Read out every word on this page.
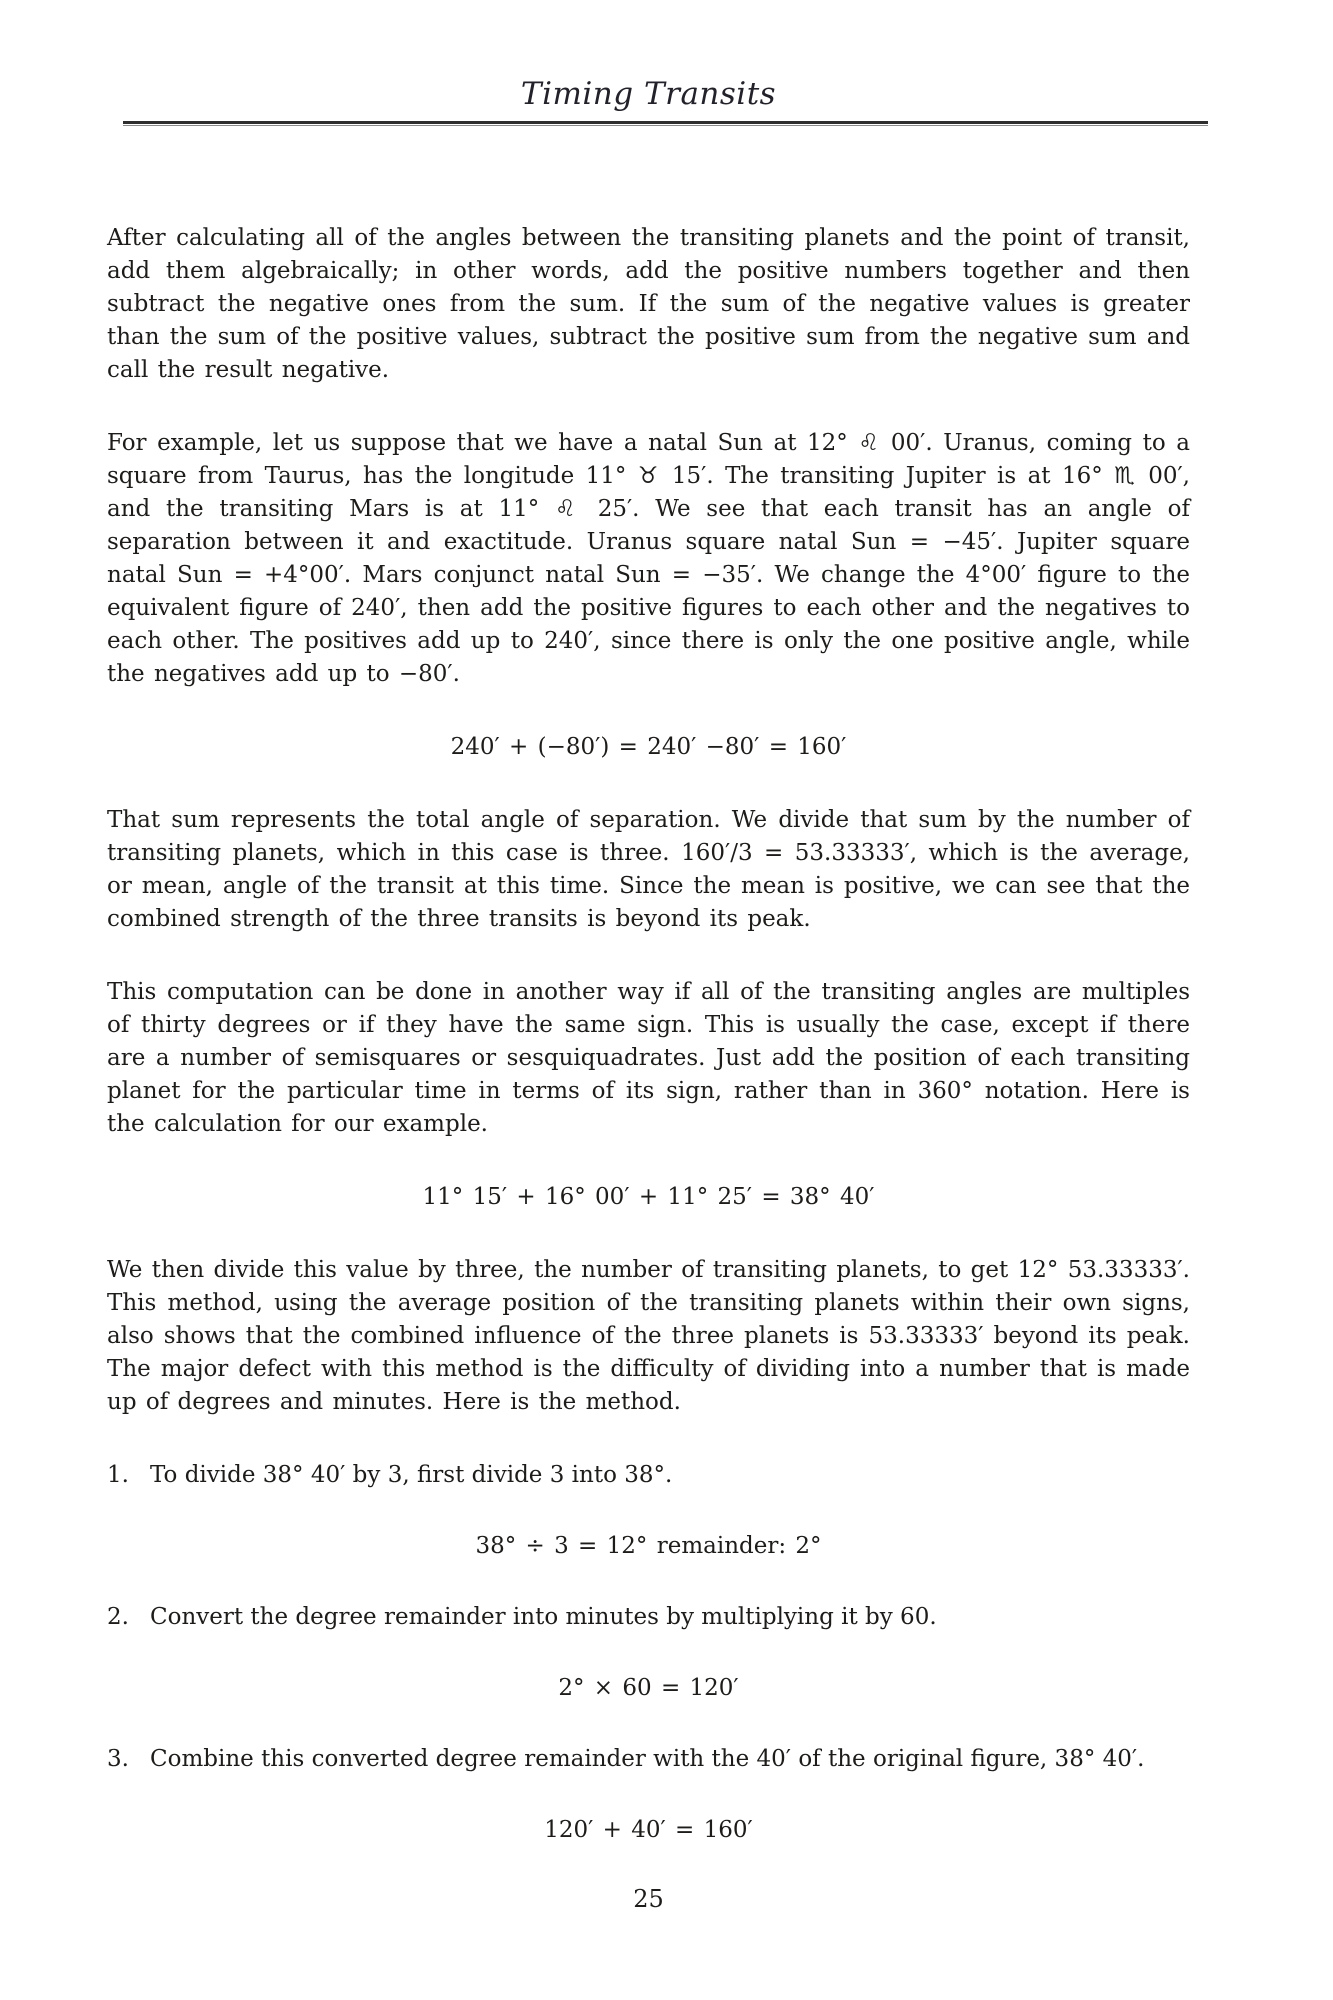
Timing Transits

After calculating all of the angles between the transiting planets and the point of transit, add them algebraically; in other words, add the positive numbers together and then subtract the negative ones from the sum. If the sum of the negative values is greater than the sum of the positive values, subtract the positive sum from the negative sum and call the result negative.

For example, let us suppose that we have a natal Sun at 12° ♌ 00′. Uranus, coming to a square from Taurus, has the longitude 11° ♉ 15′. The transiting Jupiter is at 16° ♏ 00′, and the transiting Mars is at 11° ♌ 25′. We see that each transit has an angle of separation between it and exactitude. Uranus square natal Sun = −45′. Jupiter square natal Sun = +4°00′. Mars conjunct natal Sun = −35′. We change the 4°00′ figure to the equivalent figure of 240′, then add the positive figures to each other and the negatives to each other. The positives add up to 240′, since there is only the one positive angle, while the negatives add up to −80′.

240′ + (−80′) = 240′ −80′ = 160′

That sum represents the total angle of separation. We divide that sum by the number of transiting planets, which in this case is three. 160′/3 = 53.33333′, which is the average, or mean, angle of the transit at this time. Since the mean is positive, we can see that the combined strength of the three transits is beyond its peak.

This computation can be done in another way if all of the transiting angles are multiples of thirty degrees or if they have the same sign. This is usually the case, except if there are a number of semisquares or sesquiquadrates. Just add the position of each transiting planet for the particular time in terms of its sign, rather than in 360° notation. Here is the calculation for our example.

11° 15′ + 16° 00′ + 11° 25′ = 38° 40′

We then divide this value by three, the number of transiting planets, to get 12° 53.33333′. This method, using the average position of the transiting planets within their own signs, also shows that the combined influence of the three planets is 53.33333′ beyond its peak. The major defect with this method is the difficulty of dividing into a number that is made up of degrees and minutes. Here is the method.

1. To divide 38° 40′ by 3, first divide 3 into 38°.
38° ÷ 3 = 12° remainder: 2°
2. Convert the degree remainder into minutes by multiplying it by 60.
2° × 60 = 120′
3. Combine this converted degree remainder with the 40′ of the original figure, 38° 40′.
120′ + 40′ = 160′
25
